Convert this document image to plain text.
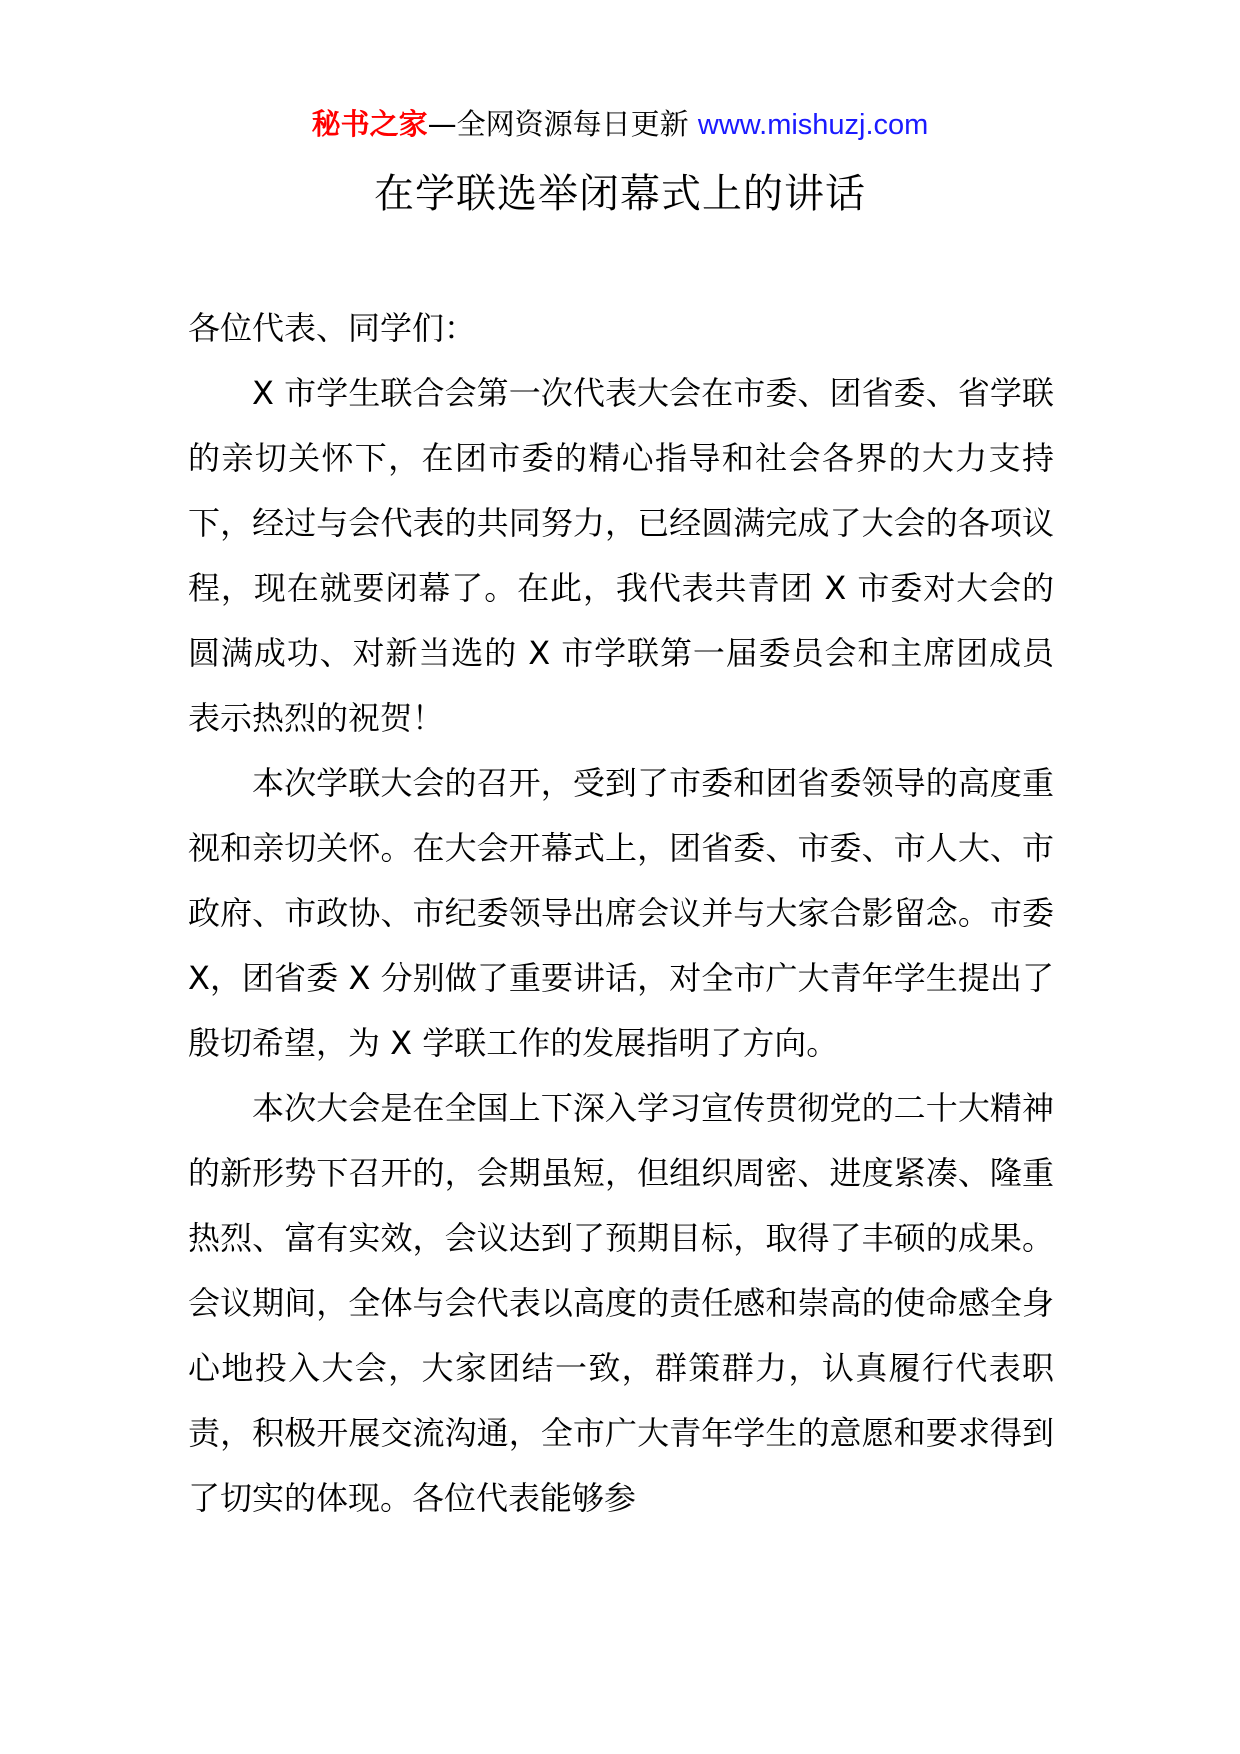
秘书之家—全网资源每日更新 www.mishuzj.com
在学联选举闭幕式上的讲话

各位代表、同学们：

X 市学生联合会第一次代表大会在市委、团省委、省学联的亲切关怀下，在团市委的精心指导和社会各界的大力支持下，经过与会代表的共同努力，已经圆满完成了大会的各项议程，现在就要闭幕了。在此，我代表共青团 X 市委对大会的圆满成功、对新当选的 X 市学联第一届委员会和主席团成员表示热烈的祝贺！

本次学联大会的召开，受到了市委和团省委领导的高度重视和亲切关怀。在大会开幕式上，团省委、市委、市人大、市政府、市政协、市纪委领导出席会议并与大家合影留念。市委 X，团省委 X 分别做了重要讲话，对全市广大青年学生提出了殷切希望，为 X 学联工作的发展指明了方向。

本次大会是在全国上下深入学习宣传贯彻党的二十大精神的新形势下召开的，会期虽短，但组织周密、进度紧凑、隆重热烈、富有实效，会议达到了预期目标，取得了丰硕的成果。会议期间，全体与会代表以高度的责任感和崇高的使命感全身心地投入大会，大家团结一致，群策群力，认真履行代表职责，积极开展交流沟通，全市广大青年学生的意愿和要求得到了切实的体现。各位代表能够参
